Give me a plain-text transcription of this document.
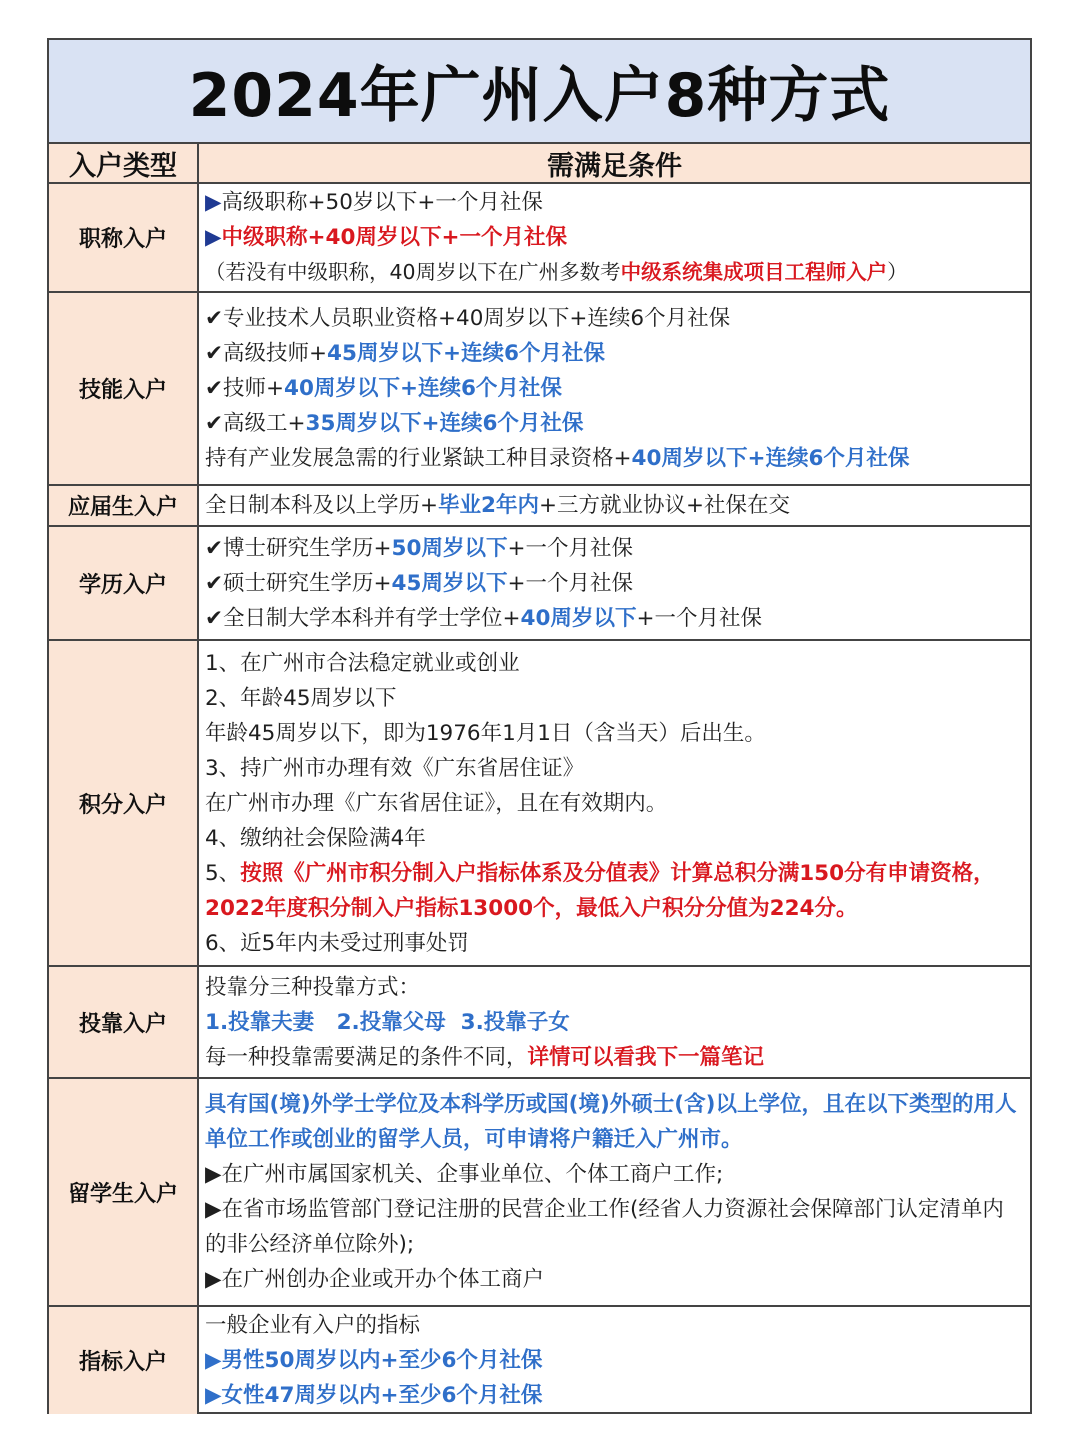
2024年广州入户8种方式
入户类型	需满足条件
职称入户
▶高级职称+50岁以下+一个月社保
▶中级职称+40周岁以下+一个月社保
（若没有中级职称，40周岁以下在广州多数考中级系统集成项目工程师入户）
技能入户
✔专业技术人员职业资格+40周岁以下+连续6个月社保
✔高级技师+45周岁以下+连续6个月社保
✔技师+40周岁以下+连续6个月社保
✔高级工+35周岁以下+连续6个月社保
持有产业发展急需的行业紧缺工种目录资格+40周岁以下+连续6个月社保
应届生入户	全日制本科及以上学历+毕业2年内+三方就业协议+社保在交
学历入户
✔博士研究生学历+50周岁以下+一个月社保
✔硕士研究生学历+45周岁以下+一个月社保
✔全日制大学本科并有学士学位+40周岁以下+一个月社保
积分入户
1、在广州市合法稳定就业或创业
2、年龄45周岁以下
年龄45周岁以下，即为1976年1月1日（含当天）后出生。
3、持广州市办理有效《广东省居住证》
在广州市办理《广东省居住证》，且在有效期内。
4、缴纳社会保险满4年
5、按照《广州市积分制入户指标体系及分值表》计算总积分满150分有申请资格，2022年度积分制入户指标13000个，最低入户积分分值为224分。
6、近5年内未受过刑事处罚
投靠入户
投靠分三种投靠方式：
1.投靠夫妻   2.投靠父母  3.投靠子女
每一种投靠需要满足的条件不同，详情可以看我下一篇笔记
留学生入户
具有国(境)外学士学位及本科学历或国(境)外硕士(含)以上学位，且在以下类型的用人单位工作或创业的留学人员，可申请将户籍迁入广州市。
▶在广州市属国家机关、企事业单位、个体工商户工作;
▶在省市场监管部门登记注册的民营企业工作(经省人力资源社会保障部门认定清单内的非公经济单位除外);
▶在广州创办企业或开办个体工商户
指标入户
一般企业有入户的指标
▶男性50周岁以内+至少6个月社保
▶女性47周岁以内+至少6个月社保
